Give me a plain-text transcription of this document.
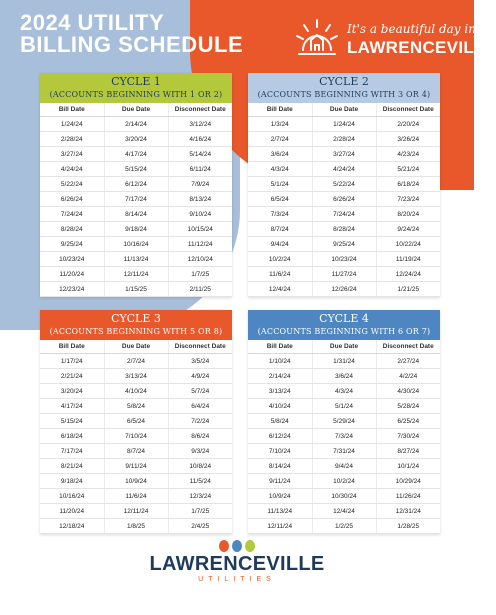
2024 UTILITY
BILLING SCHEDULE
It's a beautiful day in
LAWRENCEVILLE
CYCLE 1
(ACCOUNTS BEGINNING WITH 1 OR 2)
Bill Date	Due Date	Disconnect Date
1/24/24	2/14/24	3/12/24
2/28/24	3/20/24	4/16/24
3/27/24	4/17/24	5/14/24
4/24/24	5/15/24	6/11/24
5/22/24	6/12/24	7/9/24
6/26/24	7/17/24	8/13/24
7/24/24	8/14/24	9/10/24
8/28/24	9/18/24	10/15/24
9/25/24	10/16/24	11/12/24
10/23/24	11/13/24	12/10/24
11/20/24	12/11/24	1/7/25
12/23/24	1/15/25	2/11/25
CYCLE 2
(ACCOUNTS BEGINNING WITH 3 OR 4)
Bill Date	Due Date	Disconnect Date
1/3/24	1/24/24	2/20/24
2/7/24	2/28/24	3/26/24
3/6/24	3/27/24	4/23/24
4/3/24	4/24/24	5/21/24
5/1/24	5/22/24	6/18/24
6/5/24	6/26/24	7/23/24
7/3/24	7/24/24	8/20/24
8/7/24	8/28/24	9/24/24
9/4/24	9/25/24	10/22/24
10/2/24	10/23/24	11/19/24
11/6/24	11/27/24	12/24/24
12/4/24	12/26/24	1/21/25
CYCLE 3
(ACCOUNTS BEGINNING WITH 5 OR 8)
Bill Date	Due Date	Disconnect Date
1/17/24	2/7/24	3/5/24
2/21/24	3/13/24	4/9/24
3/20/24	4/10/24	5/7/24
4/17/24	5/8/24	6/4/24
5/15/24	6/5/24	7/2/24
6/18/24	7/10/24	8/6/24
7/17/24	8/7/24	9/3/24
8/21/24	9/11/24	10/8/24
9/18/24	10/9/24	11/5/24
10/16/24	11/6/24	12/3/24
11/20/24	12/11/24	1/7/25
12/18/24	1/8/25	2/4/25
CYCLE 4
(ACCOUNTS BEGINNING WITH 6 OR 7)
Bill Date	Due Date	Disconnect Date
1/10/24	1/31/24	2/27/24
2/14/24	3/6/24	4/2/24
3/13/24	4/3/24	4/30/24
4/10/24	5/1/24	5/28/24
5/8/24	5/29/24	6/25/24
6/12/24	7/3/24	7/30/24
7/10/24	7/31/24	8/27/24
8/14/24	9/4/24	10/1/24
9/11/24	10/2/24	10/29/24
10/9/24	10/30/24	11/26/24
11/13/24	12/4/24	12/31/24
12/11/24	1/2/25	1/28/25
LAWRENCEVILLE
UTILITIES
